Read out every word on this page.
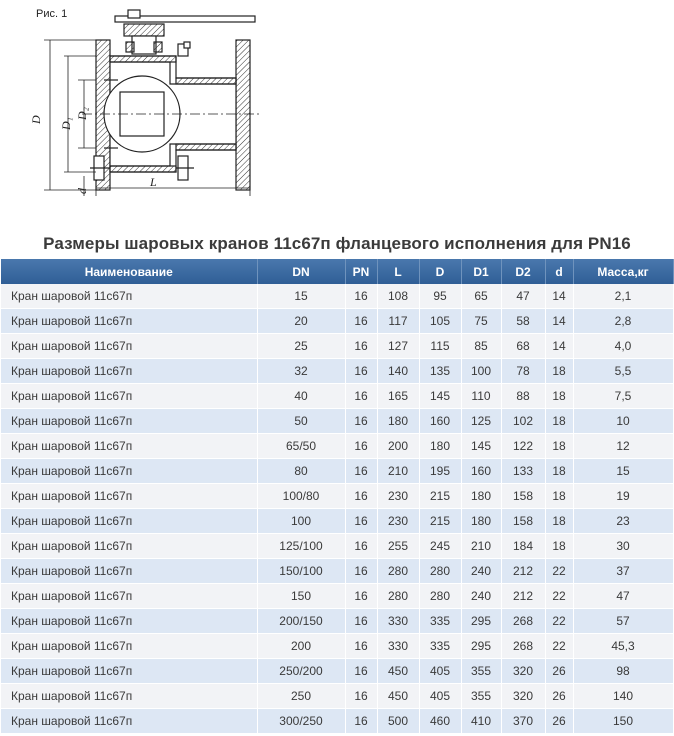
Рис. 1
D D₁
D₂
d
L
Размеры шаровых кранов 11с67п фланцевого исполнения для PN16
Наименование	DN	PN	L	D	D1	D2	d	Масса,кг
Кран шаровой 11с67п	15	16	108	95	65	47	14	2,1
Кран шаровой 11с67п	20	16	117	105	75	58	14	2,8
Кран шаровой 11с67п	25	16	127	115	85	68	14	4,0
Кран шаровой 11с67п	32	16	140	135	100	78	18	5,5
Кран шаровой 11с67п	40	16	165	145	110	88	18	7,5
Кран шаровой 11с67п	50	16	180	160	125	102	18	10
Кран шаровой 11с67п	65/50	16	200	180	145	122	18	12
Кран шаровой 11с67п	80	16	210	195	160	133	18	15
Кран шаровой 11с67п	100/80	16	230	215	180	158	18	19
Кран шаровой 11с67п	100	16	230	215	180	158	18	23
Кран шаровой 11с67п	125/100	16	255	245	210	184	18	30
Кран шаровой 11с67п	150/100	16	280	280	240	212	22	37
Кран шаровой 11с67п	150	16	280	280	240	212	22	47
Кран шаровой 11с67п	200/150	16	330	335	295	268	22	57
Кран шаровой 11с67п	200	16	330	335	295	268	22	45,3
Кран шаровой 11с67п	250/200	16	450	405	355	320	26	98
Кран шаровой 11с67п	250	16	450	405	355	320	26	140
Кран шаровой 11с67п	300/250	16	500	460	410	370	26	150
